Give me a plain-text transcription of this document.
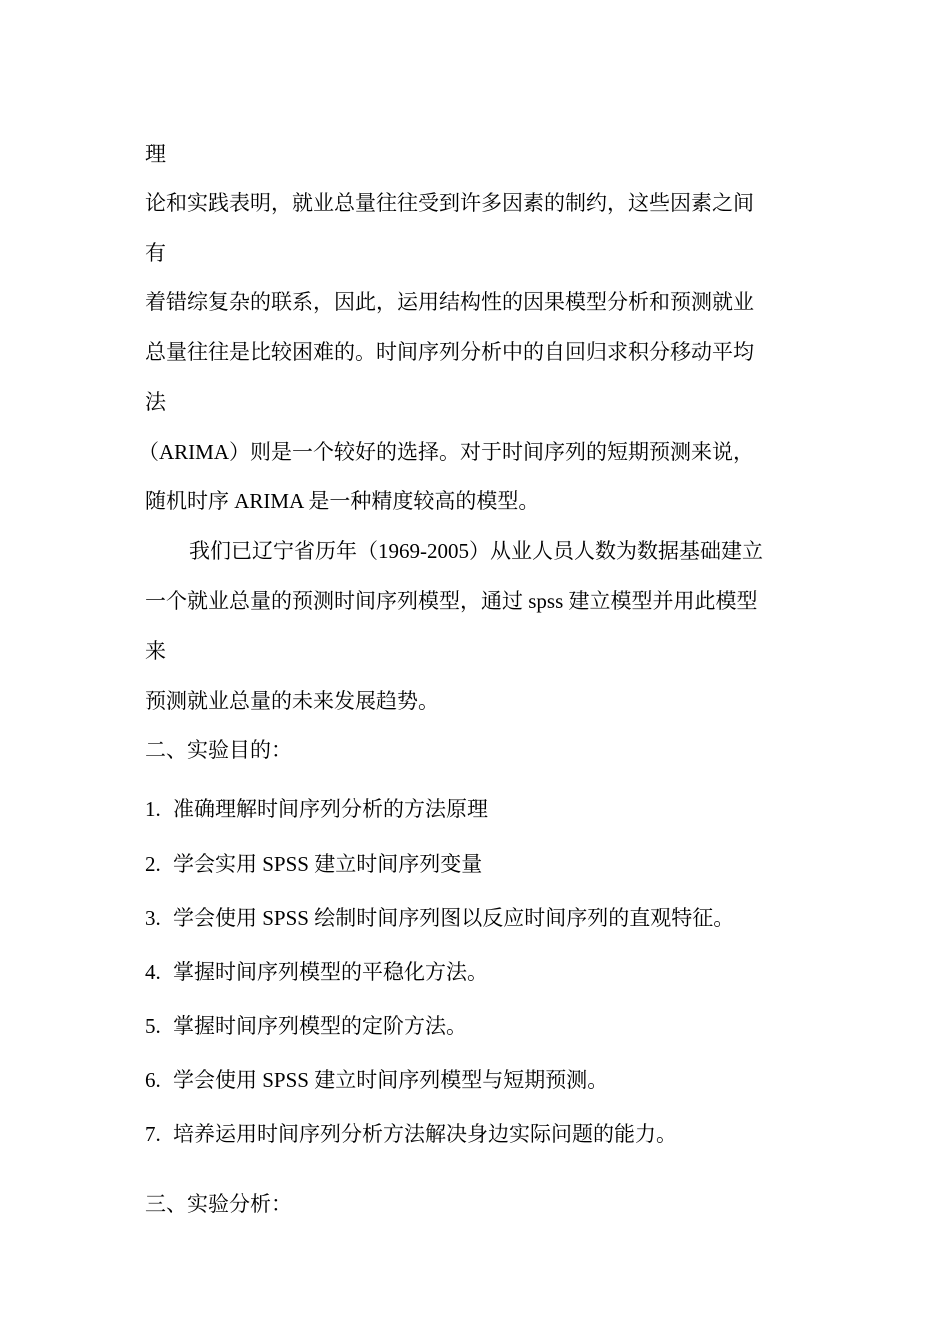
理
论和实践表明，就业总量往往受到许多因素的制约，这些因素之间
有
着错综复杂的联系，因此，运用结构性的因果模型分析和预测就业
总量往往是比较困难的。时间序列分析中的自回归求积分移动平均
法
（ARIMA）则是一个较好的选择。对于时间序列的短期预测来说，
随机时序 ARIMA 是一种精度较高的模型。
我们已辽宁省历年（1969-2005）从业人员人数为数据基础建立
一个就业总量的预测时间序列模型，通过 spss 建立模型并用此模型
来
预测就业总量的未来发展趋势。
二、实验目的：
1. 准确理解时间序列分析的方法原理
2. 学会实用 SPSS 建立时间序列变量
3. 学会使用 SPSS 绘制时间序列图以反应时间序列的直观特征。
4. 掌握时间序列模型的平稳化方法。
5. 掌握时间序列模型的定阶方法。
6. 学会使用 SPSS 建立时间序列模型与短期预测。
7. 培养运用时间序列分析方法解决身边实际问题的能力。
三、实验分析：
